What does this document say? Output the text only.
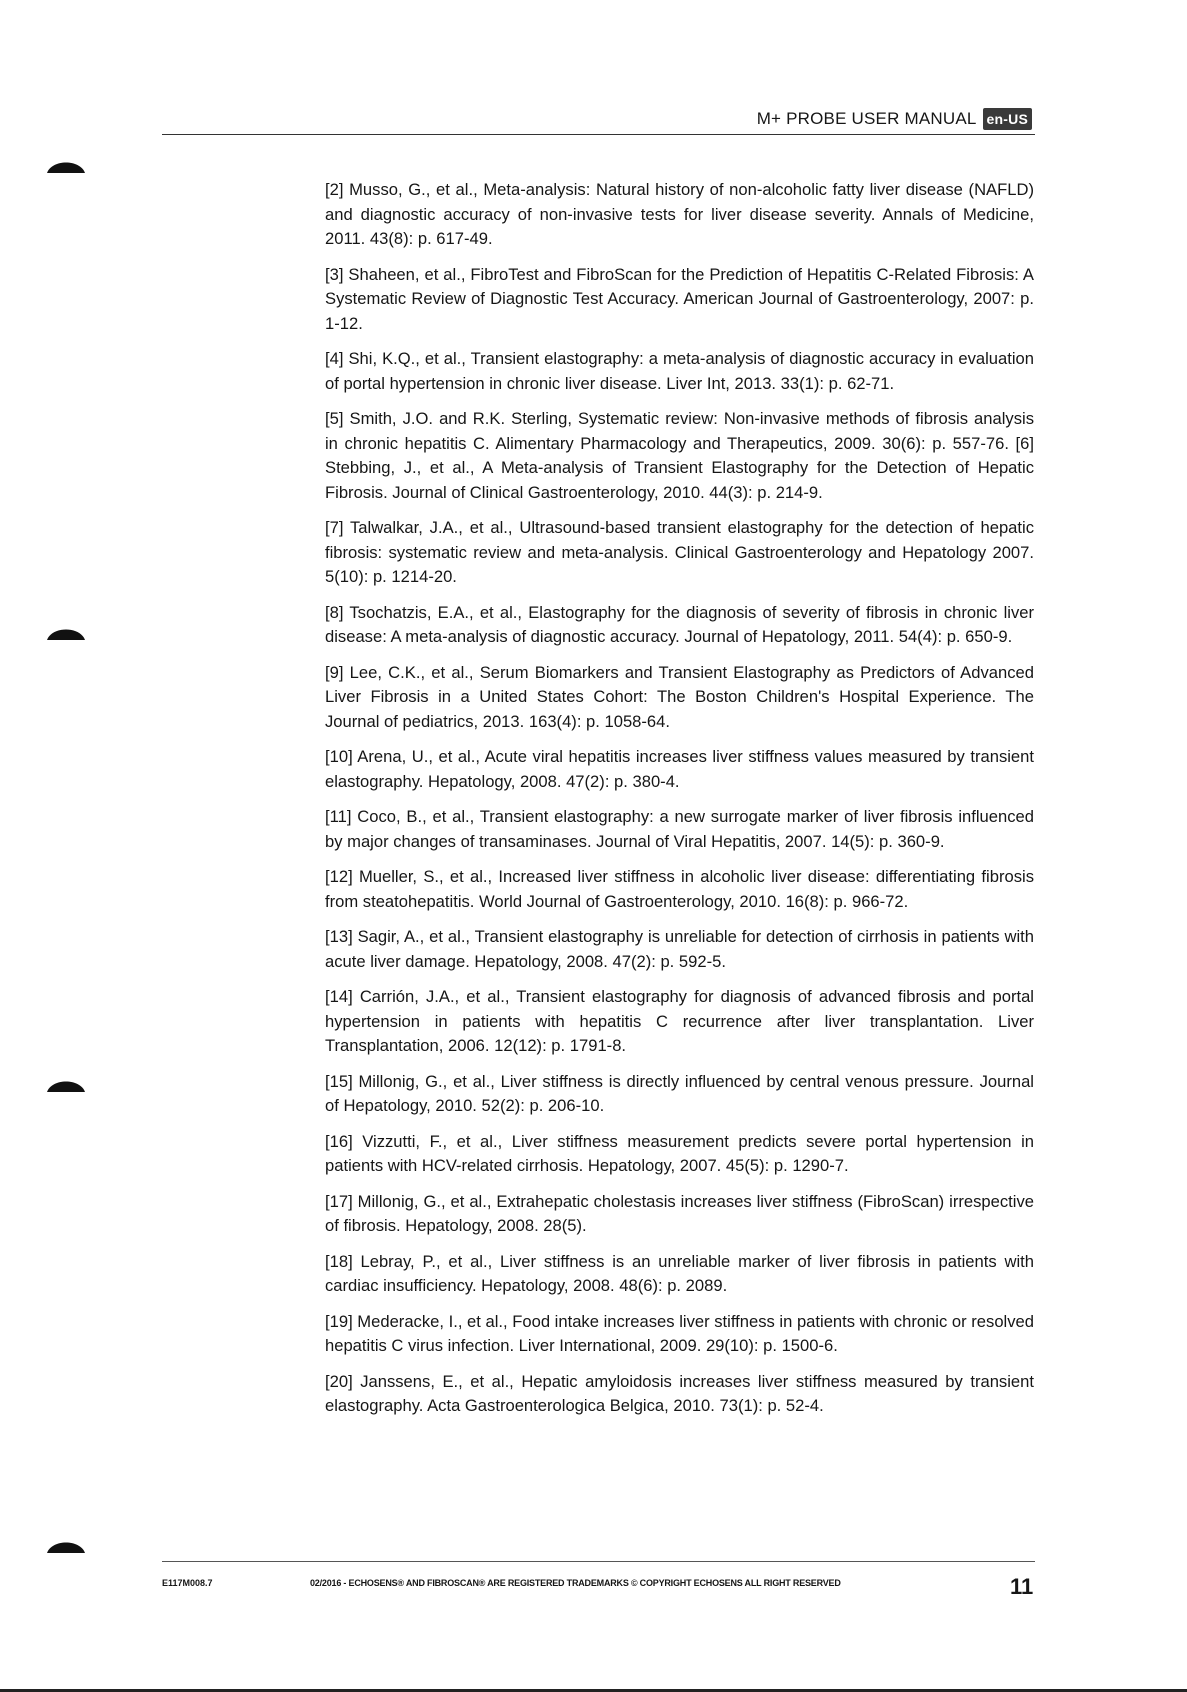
M+ PROBE USER MANUAL en-US

[2] Musso, G., et al., Meta-analysis: Natural history of non-alcoholic fatty liver disease (NAFLD) and diagnostic accuracy of non-invasive tests for liver disease severity. Annals of Medicine, 2011. 43(8): p. 617-49.

[3] Shaheen, et al., FibroTest and FibroScan for the Prediction of Hepatitis C-Related Fibrosis: A Systematic Review of Diagnostic Test Accuracy. American Journal of Gastroenterology, 2007: p. 1-12.

[4] Shi, K.Q., et al., Transient elastography: a meta-analysis of diagnostic accuracy in evaluation of portal hypertension in chronic liver disease. Liver Int, 2013. 33(1): p. 62-71.

[5] Smith, J.O. and R.K. Sterling, Systematic review: Non-invasive methods of fibrosis analysis in chronic hepatitis C. Alimentary Pharmacology and Therapeutics, 2009. 30(6): p. 557-76. [6] Stebbing, J., et al., A Meta-analysis of Transient Elastography for the Detection of Hepatic Fibrosis. Journal of Clinical Gastroenterology, 2010. 44(3): p. 214-9.

[7] Talwalkar, J.A., et al., Ultrasound-based transient elastography for the detection of hepatic fibrosis: systematic review and meta-analysis. Clinical Gastroenterology and Hepatology 2007. 5(10): p. 1214-20.

[8] Tsochatzis, E.A., et al., Elastography for the diagnosis of severity of fibrosis in chronic liver disease: A meta-analysis of diagnostic accuracy. Journal of Hepatology, 2011. 54(4): p. 650-9.

[9] Lee, C.K., et al., Serum Biomarkers and Transient Elastography as Predictors of Advanced Liver Fibrosis in a United States Cohort: The Boston Children's Hospital Experience. The Journal of pediatrics, 2013. 163(4): p. 1058-64.

[10] Arena, U., et al., Acute viral hepatitis increases liver stiffness values measured by transient elastography. Hepatology, 2008. 47(2): p. 380-4.

[11] Coco, B., et al., Transient elastography: a new surrogate marker of liver fibrosis influenced by major changes of transaminases. Journal of Viral Hepatitis, 2007. 14(5): p. 360-9.

[12] Mueller, S., et al., Increased liver stiffness in alcoholic liver disease: differentiating fibrosis from steatohepatitis. World Journal of Gastroenterology, 2010. 16(8): p. 966-72.

[13] Sagir, A., et al., Transient elastography is unreliable for detection of cirrhosis in patients with acute liver damage. Hepatology, 2008. 47(2): p. 592-5.

[14] Carrión, J.A., et al., Transient elastography for diagnosis of advanced fibrosis and portal hypertension in patients with hepatitis C recurrence after liver transplantation. Liver Transplantation, 2006. 12(12): p. 1791-8.

[15] Millonig, G., et al., Liver stiffness is directly influenced by central venous pressure. Journal of Hepatology, 2010. 52(2): p. 206-10.

[16] Vizzutti, F., et al., Liver stiffness measurement predicts severe portal hypertension in patients with HCV-related cirrhosis. Hepatology, 2007. 45(5): p. 1290-7.

[17] Millonig, G., et al., Extrahepatic cholestasis increases liver stiffness (FibroScan) irrespective of fibrosis. Hepatology, 2008. 28(5).

[18] Lebray, P., et al., Liver stiffness is an unreliable marker of liver fibrosis in patients with cardiac insufficiency. Hepatology, 2008. 48(6): p. 2089.

[19] Mederacke, I., et al., Food intake increases liver stiffness in patients with chronic or resolved hepatitis C virus infection. Liver International, 2009. 29(10): p. 1500-6.

[20] Janssens, E., et al., Hepatic amyloidosis increases liver stiffness measured by transient elastography. Acta Gastroenterologica Belgica, 2010. 73(1): p. 52-4.

E117M008.7	02/2016 - ECHOSENS® AND FIBROSCAN® ARE REGISTERED TRADEMARKS © COPYRIGHT ECHOSENS ALL RIGHT RESERVED	11
